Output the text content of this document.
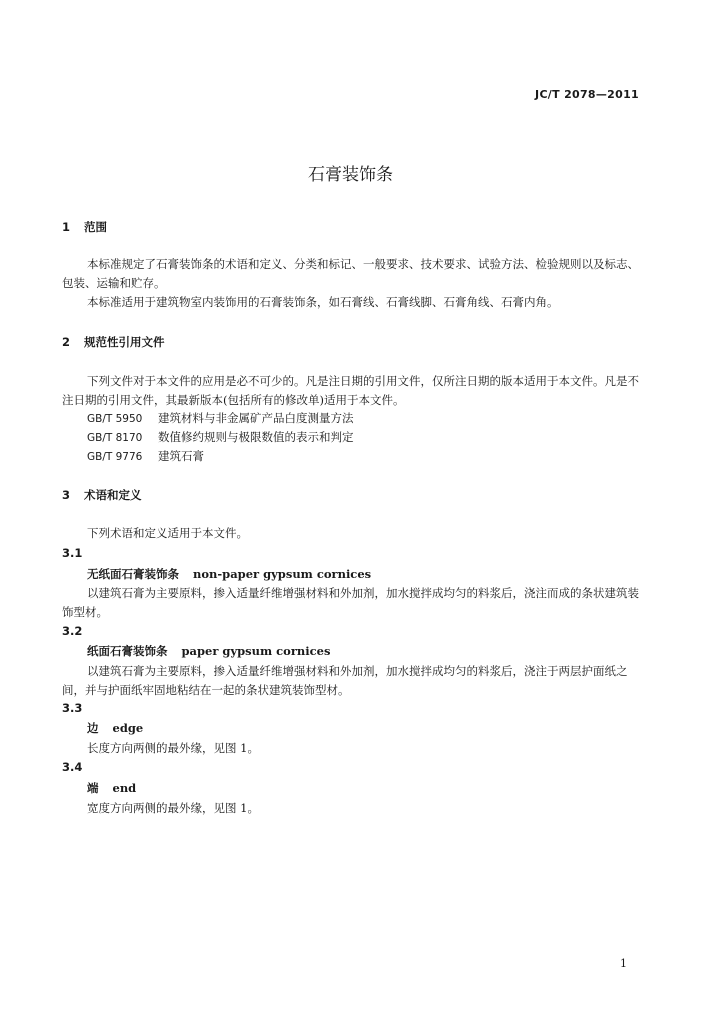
JC/T 2078—2011
石膏装饰条
1 范围
本标准规定了石膏装饰条的术语和定义、分类和标记、一般要求、技术要求、试验方法、检验规则以及标志、包装、运输和贮存。
本标准适用于建筑物室内装饰用的石膏装饰条，如石膏线、石膏线脚、石膏角线、石膏内角。
2 规范性引用文件
下列文件对于本文件的应用是必不可少的。凡是注日期的引用文件，仅所注日期的版本适用于本文件。凡是不注日期的引用文件，其最新版本(包括所有的修改单)适用于本文件。
GB/T 5950 建筑材料与非金属矿产品白度测量方法
GB/T 8170 数值修约规则与极限数值的表示和判定
GB/T 9776 建筑石膏
3 术语和定义
下列术语和定义适用于本文件。
3.1
无纸面石膏装饰条 non-paper gypsum cornices
以建筑石膏为主要原料，掺入适量纤维增强材料和外加剂，加水搅拌成均匀的料浆后，浇注而成的条状建筑装饰型材。
3.2
纸面石膏装饰条 paper gypsum cornices
以建筑石膏为主要原料，掺入适量纤维增强材料和外加剂，加水搅拌成均匀的料浆后，浇注于两层护面纸之间，并与护面纸牢固地粘结在一起的条状建筑装饰型材。
3.3
边 edge
长度方向两侧的最外缘，见图 1。
3.4
端 end
宽度方向两侧的最外缘，见图 1。
1
